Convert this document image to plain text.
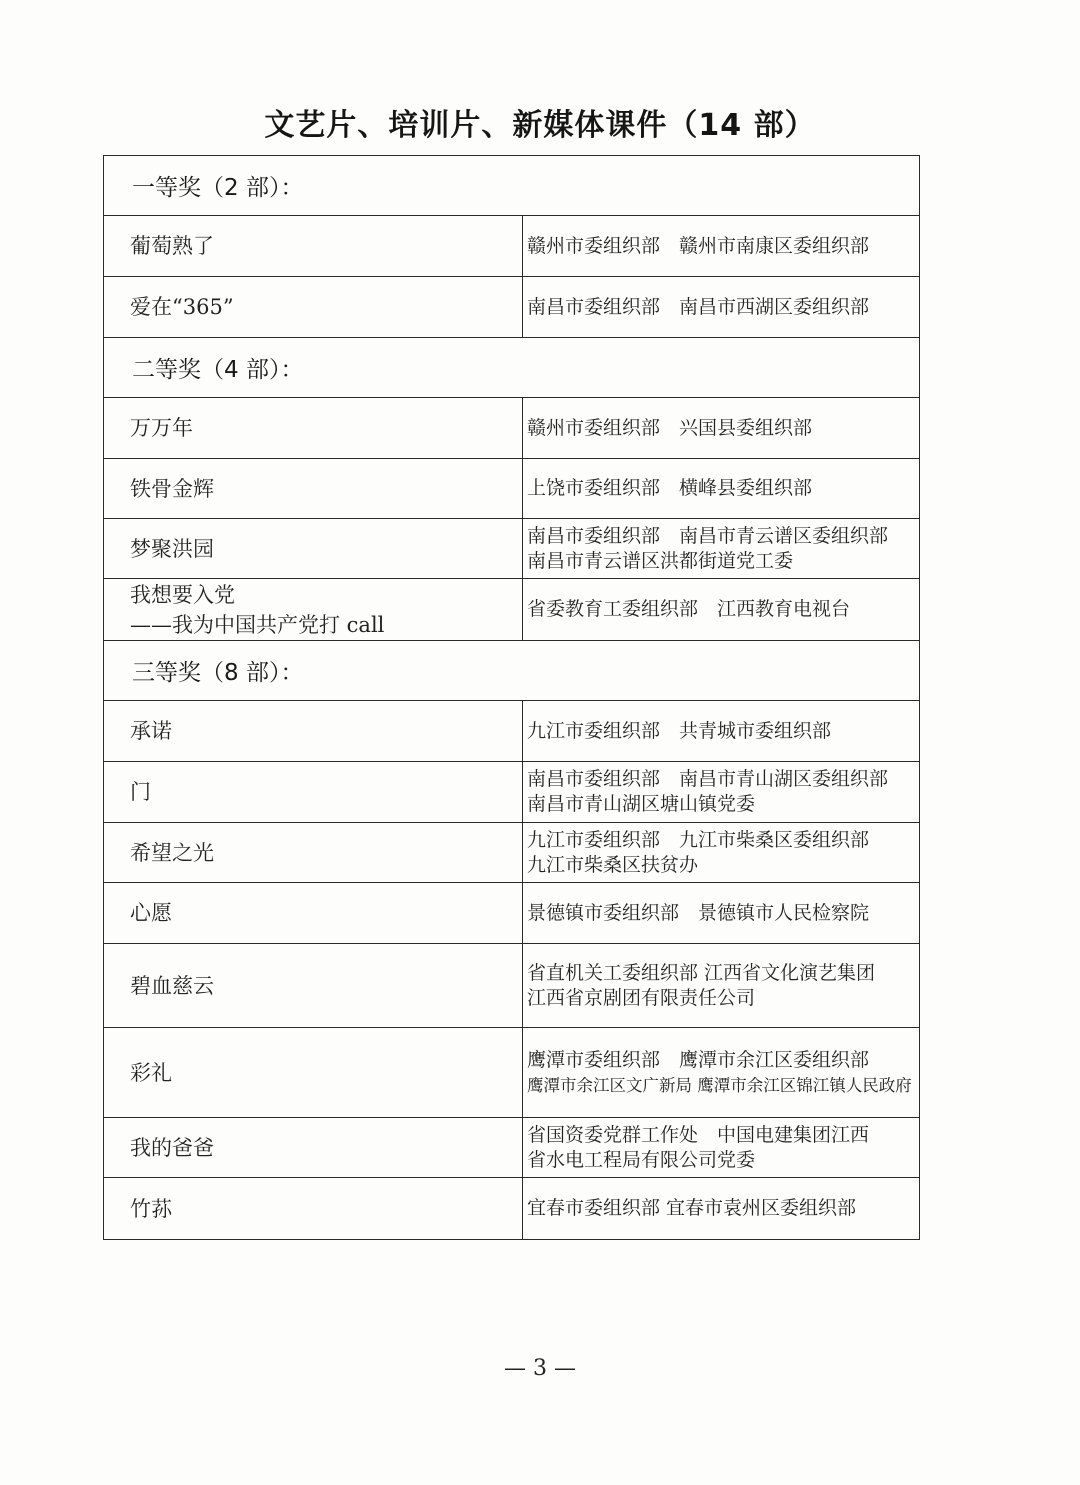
文艺片、培训片、新媒体课件（14 部）
一等奖（2 部）：	

葡萄熟了	赣州市委组织部　赣州市南康区委组织部

爱在“365”	南昌市委组织部　南昌市西湖区委组织部

二等奖（4 部）：	

万万年	赣州市委组织部　兴国县委组织部

铁骨金辉	上饶市委组织部　横峰县委组织部

梦聚洪园	南昌市委组织部　南昌市青云谱区委组织部
南昌市青云谱区洪都街道党工委

我想要入党
——我为中国共产党打 call	省委教育工委组织部　江西教育电视台

三等奖（8 部）：	

承诺	九江市委组织部　共青城市委组织部

门	南昌市委组织部　南昌市青山湖区委组织部
南昌市青山湖区塘山镇党委

希望之光	九江市委组织部　九江市柴桑区委组织部
九江市柴桑区扶贫办

心愿	景德镇市委组织部　景德镇市人民检察院

碧血慈云	省直机关工委组织部 江西省文化演艺集团
江西省京剧团有限责任公司

彩礼	鹰潭市委组织部　鹰潭市余江区委组织部
鹰潭市余江区文广新局 鹰潭市余江区锦江镇人民政府

我的爸爸	省国资委党群工作处　中国电建集团江西
省水电工程局有限公司党委

竹荪	宜春市委组织部 宜春市袁州区委组织部
— 3 —
